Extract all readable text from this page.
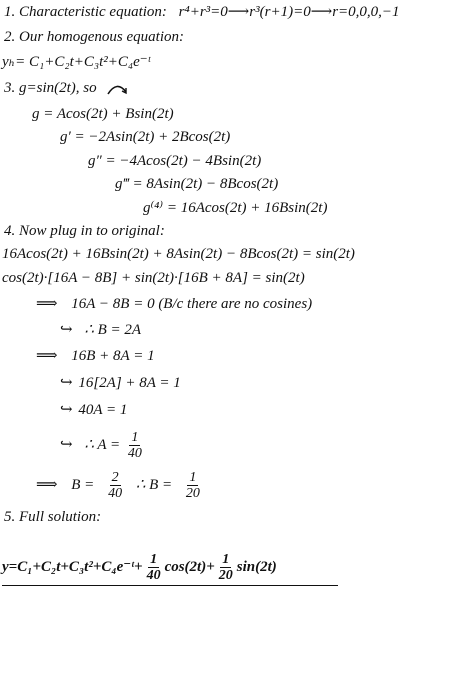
1. Characteristic equation: r⁴+r³=0⟶r³(r+1)=0⟶r=0,0,0,−1
2. Our homogenous equation:
yₕ= C₁+C₂t+C₃t²+C₄e⁻ᵗ
3. g=sin(2t), so
g = Acos(2t) + Bsin(2t)
g′ = −2Asin(2t) + 2Bcos(2t)
g″ = −4Acos(2t) − 4Bsin(2t)
g‴ = 8Asin(2t) − 8Bcos(2t)
g⁽⁴⁾ = 16Acos(2t) + 16Bsin(2t)
4. Now plug in to original:
16Acos(2t) + 16Bsin(2t) + 8Asin(2t) − 8Bcos(2t) = sin(2t)
cos(2t)·[16A − 8B] + sin(2t)·[16B + 8A] = sin(2t)
⟹ 16A − 8B = 0 (B/c there are no cosines)
↪ ∴ B = 2A
⟹ 16B + 8A = 1
↪ 16[2A] + 8A = 1
↪ 40A = 1
↪ ∴ $A = \frac{1}{40}$
⟹ $B = \frac{2}{40}$ ∴ $B = \frac{1}{20}$
5. Full solution:
y=C₁+C₂t+C₃t²+C₄e⁻ᵗ+ $\frac{1}{40} \cos(2t)+ \frac{1}{20} \sin(2t)$
